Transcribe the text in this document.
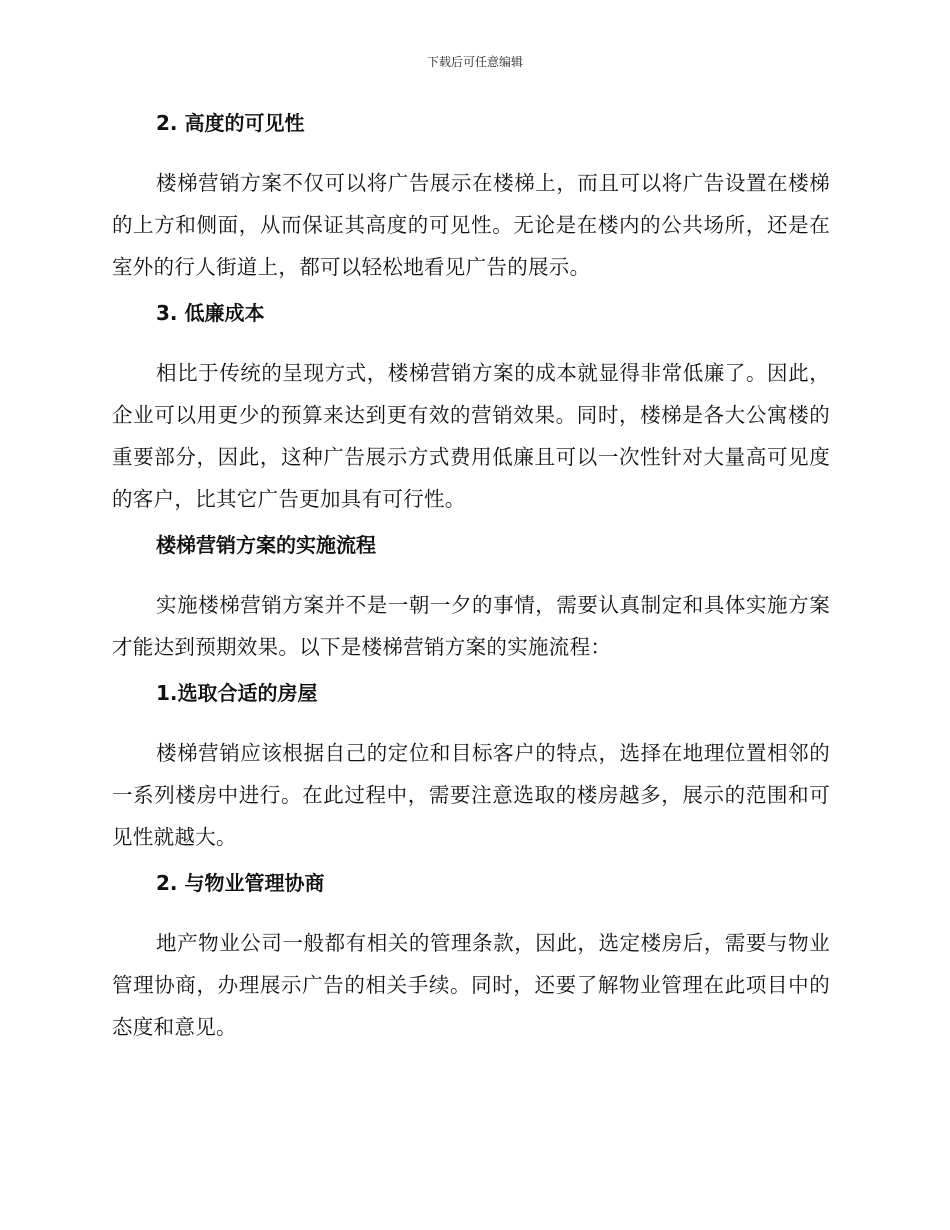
下载后可任意编辑
2. 高度的可见性

楼梯营销方案不仅可以将广告展示在楼梯上，而且可以将广告设置在楼梯的上方和侧面，从而保证其高度的可见性。无论是在楼内的公共场所，还是在室外的行人街道上，都可以轻松地看见广告的展示。

3. 低廉成本

相比于传统的呈现方式，楼梯营销方案的成本就显得非常低廉了。因此，企业可以用更少的预算来达到更有效的营销效果。同时，楼梯是各大公寓楼的重要部分，因此，这种广告展示方式费用低廉且可以一次性针对大量高可见度的客户，比其它广告更加具有可行性。

楼梯营销方案的实施流程

实施楼梯营销方案并不是一朝一夕的事情，需要认真制定和具体实施方案才能达到预期效果。以下是楼梯营销方案的实施流程：

1.选取合适的房屋

楼梯营销应该根据自己的定位和目标客户的特点，选择在地理位置相邻的一系列楼房中进行。在此过程中，需要注意选取的楼房越多，展示的范围和可见性就越大。

2. 与物业管理协商

地产物业公司一般都有相关的管理条款，因此，选定楼房后，需要与物业管理协商，办理展示广告的相关手续。同时，还要了解物业管理在此项目中的态度和意见。
